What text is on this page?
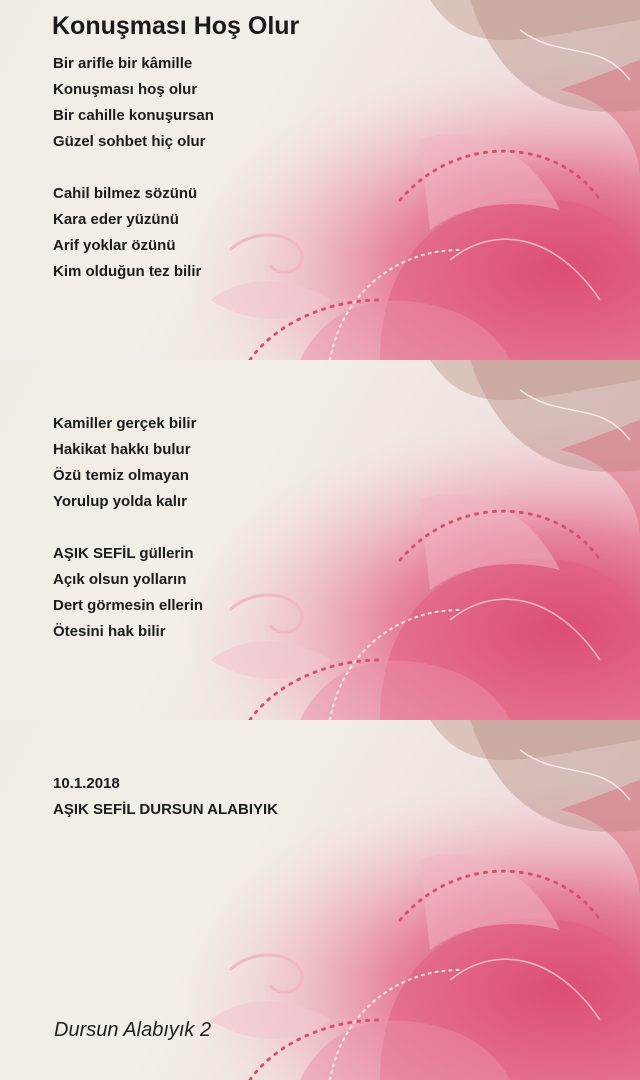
Konuşması Hoş Olur
Bir arifle bir kâmille
Konuşması hoş olur
Bir cahille konuşursan
Güzel sohbet hiç olur
Cahil bilmez sözünü
Kara eder yüzünü
Arif yoklar özünü
Kim olduğun tez bilir
Kamiller gerçek bilir
Hakikat hakkı bulur
Özü temiz olmayan
Yorulup yolda kalır
AŞIK SEFİL güllerin
Açık olsun yolların
Dert görmesin ellerin
Ötesini hak bilir
10.1.2018
AŞIK SEFİL DURSUN ALABIYIK
Dursun Alabıyık 2
